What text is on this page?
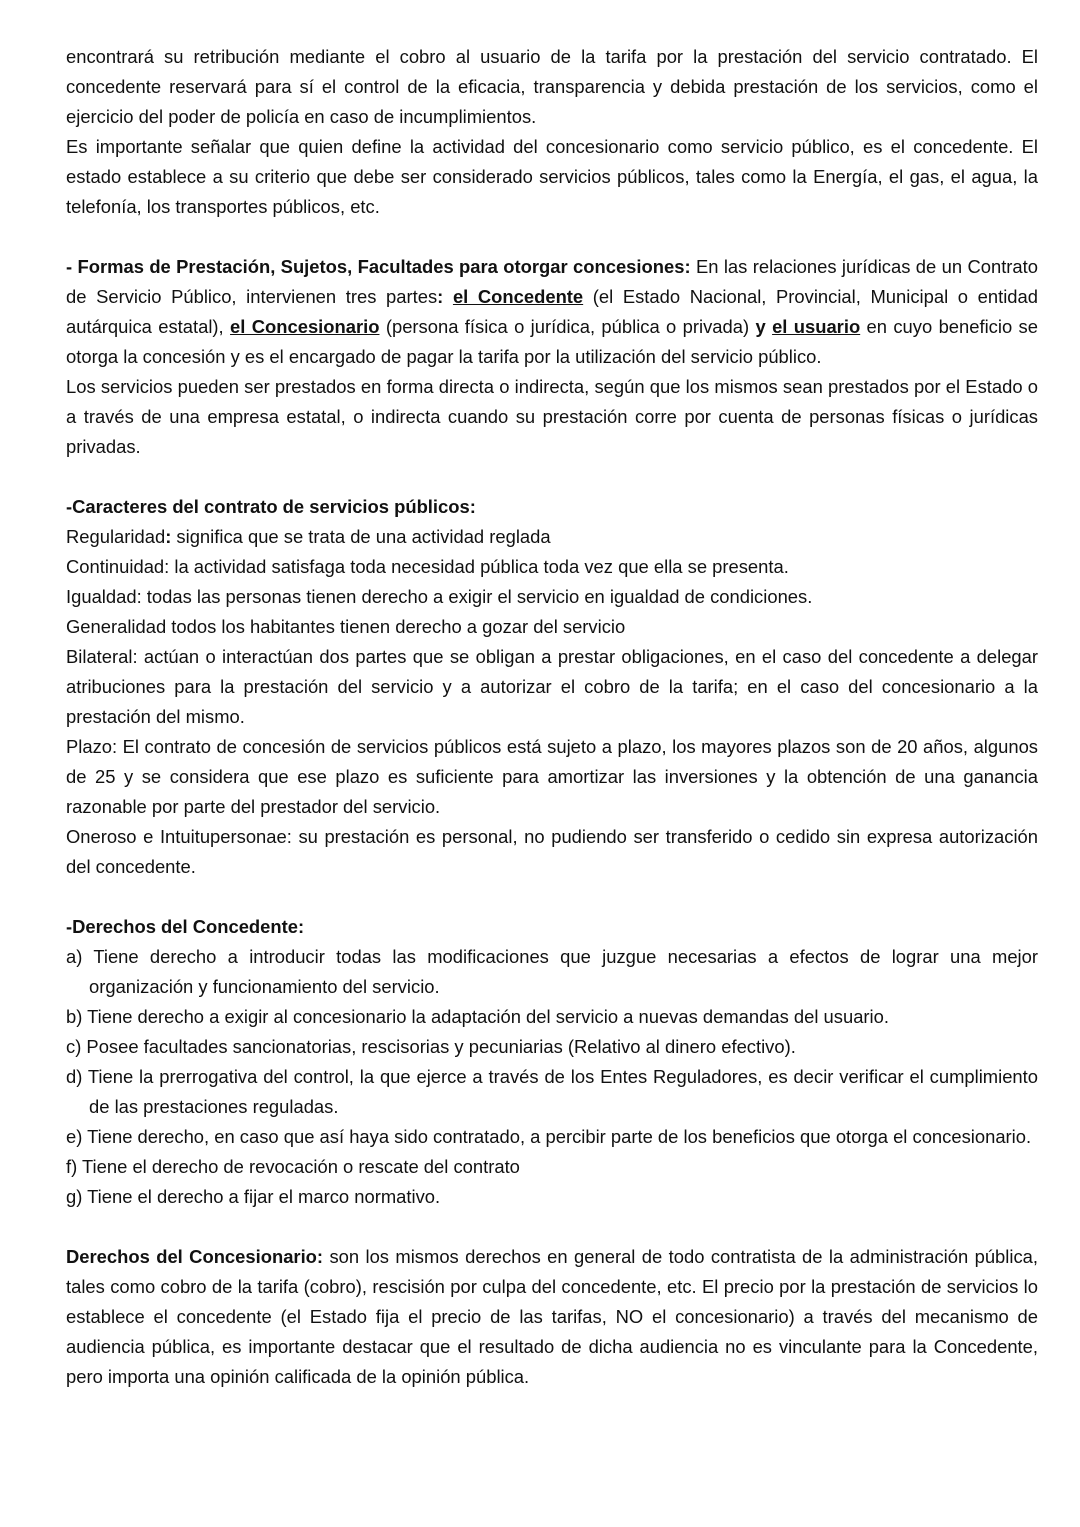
encontrará su retribución mediante el cobro al usuario de la tarifa por la prestación del servicio contratado. El concedente reservará para sí el control de la eficacia, transparencia y debida prestación de los servicios, como el ejercicio del poder de policía en caso de incumplimientos.

Es importante señalar que quien define la actividad del concesionario como servicio público, es el concedente. El estado establece a su criterio que debe ser considerado servicios públicos, tales como la Energía, el gas, el agua, la telefonía, los transportes públicos, etc.

- Formas de Prestación, Sujetos, Facultades para otorgar concesiones: En las relaciones jurídicas de un Contrato de Servicio Público, intervienen tres partes: el Concedente (el Estado Nacional, Provincial, Municipal o entidad autárquica estatal), el Concesionario (persona física o jurídica, pública o privada) y el usuario en cuyo beneficio se otorga la concesión y es el encargado de pagar la tarifa por la utilización del servicio público.

Los servicios pueden ser prestados en forma directa o indirecta, según que los mismos sean prestados por el Estado o a través de una empresa estatal, o indirecta cuando su prestación corre por cuenta de personas físicas o jurídicas privadas.

-Caracteres del contrato de servicios públicos:

Regularidad: significa que se trata de una actividad reglada

Continuidad: la actividad satisfaga toda necesidad pública toda vez que ella se presenta.

Igualdad: todas las personas tienen derecho a exigir el servicio en igualdad de condiciones.

Generalidad todos los habitantes tienen derecho a gozar del servicio

Bilateral: actúan o interactúan dos partes que se obligan a prestar obligaciones, en el caso del concedente a delegar atribuciones para la prestación del servicio y a autorizar el cobro de la tarifa; en el caso del concesionario a la prestación del mismo.

Plazo: El contrato de concesión de servicios públicos está sujeto a plazo, los mayores plazos son de 20 años, algunos de 25 y se considera que ese plazo es suficiente para amortizar las inversiones y la obtención de una ganancia razonable por parte del prestador del servicio.

Oneroso e Intuitupersonae: su prestación es personal, no pudiendo ser transferido o cedido sin expresa autorización del concedente.

-Derechos del Concedente:

a) Tiene derecho a introducir todas las modificaciones que juzgue necesarias a efectos de lograr una mejor organización y funcionamiento del servicio.

b) Tiene derecho a exigir al concesionario la adaptación del servicio a nuevas demandas del usuario.

c) Posee facultades sancionatorias, rescisorias y pecuniarias (Relativo al dinero efectivo).

d) Tiene la prerrogativa del control, la que ejerce a través de los Entes Reguladores, es decir verificar el cumplimiento de las prestaciones reguladas.

e) Tiene derecho, en caso que así haya sido contratado, a percibir parte de los beneficios que otorga el concesionario.

f) Tiene el derecho de revocación o rescate del contrato

g) Tiene el derecho a fijar el marco normativo.

Derechos del Concesionario: son los mismos derechos en general de todo contratista de la administración pública, tales como cobro de la tarifa (cobro), rescisión por culpa del concedente, etc. El precio por la prestación de servicios lo establece el concedente (el Estado fija el precio de las tarifas, NO el concesionario) a través del mecanismo de audiencia pública, es importante destacar que el resultado de dicha audiencia no es vinculante para la Concedente, pero importa una opinión calificada de la opinión pública.
